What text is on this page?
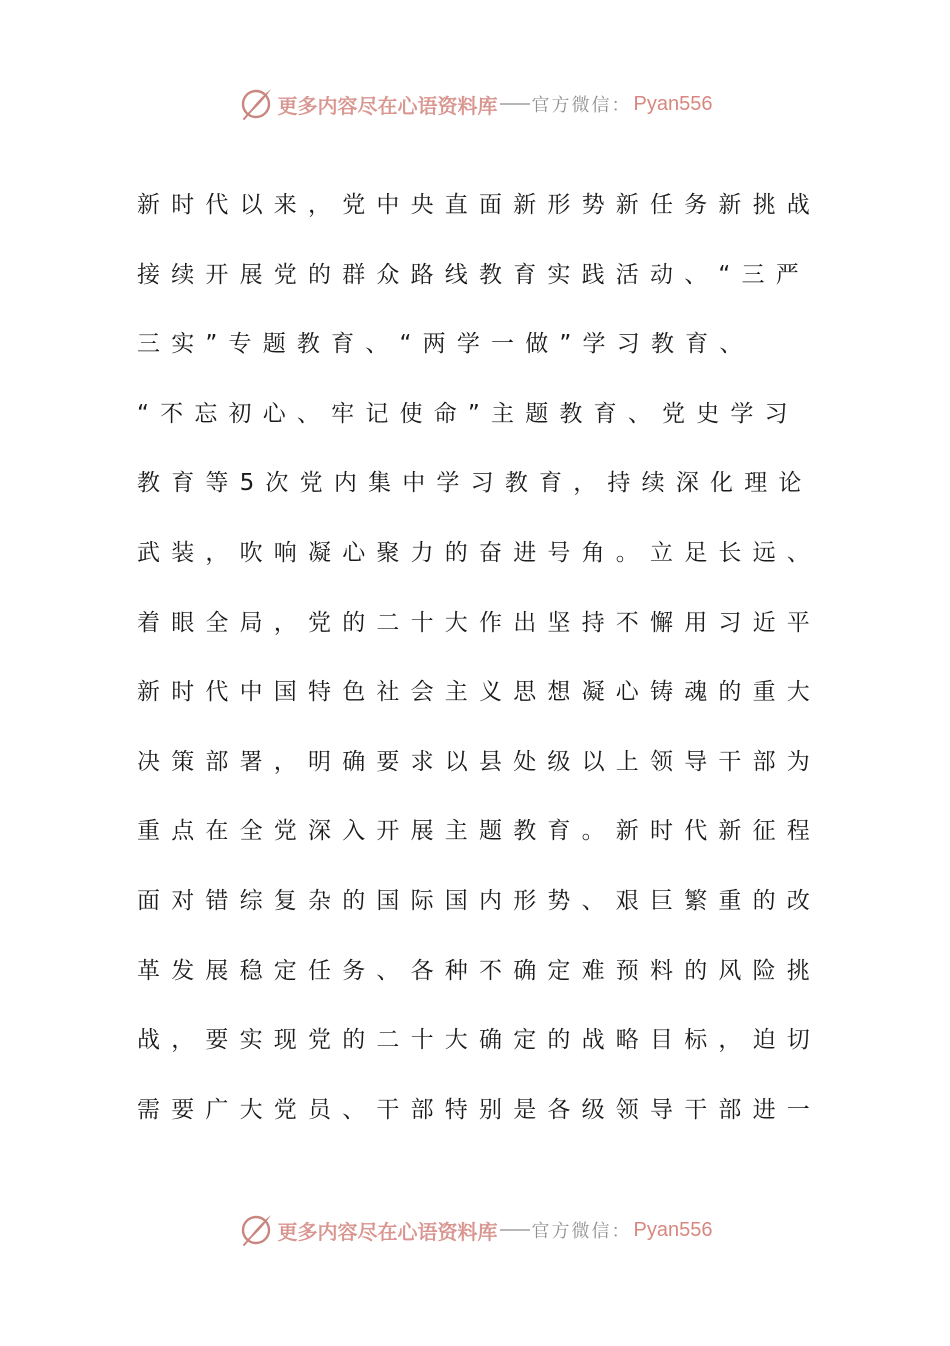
更多内容尽在心语资料库 官方微信： Pyan556
新时代以来，党中央直面新形势新任务新挑战
接续开展党的群众路线教育实践活动、“三严
三实”专题教育、“两学一做”学习教育、
“不忘初心、牢记使命”主题教育、党史学习
教育等5次党内集中学习教育，持续深化理论
武装，吹响凝心聚力的奋进号角。立足长远、
着眼全局，党的二十大作出坚持不懈用习近平
新时代中国特色社会主义思想凝心铸魂的重大
决策部署，明确要求以县处级以上领导干部为
重点在全党深入开展主题教育。新时代新征程
面对错综复杂的国际国内形势、艰巨繁重的改
革发展稳定任务、各种不确定难预料的风险挑
战，要实现党的二十大确定的战略目标，迫切
需要广大党员、干部特别是各级领导干部进一
更多内容尽在心语资料库 官方微信： Pyan556
